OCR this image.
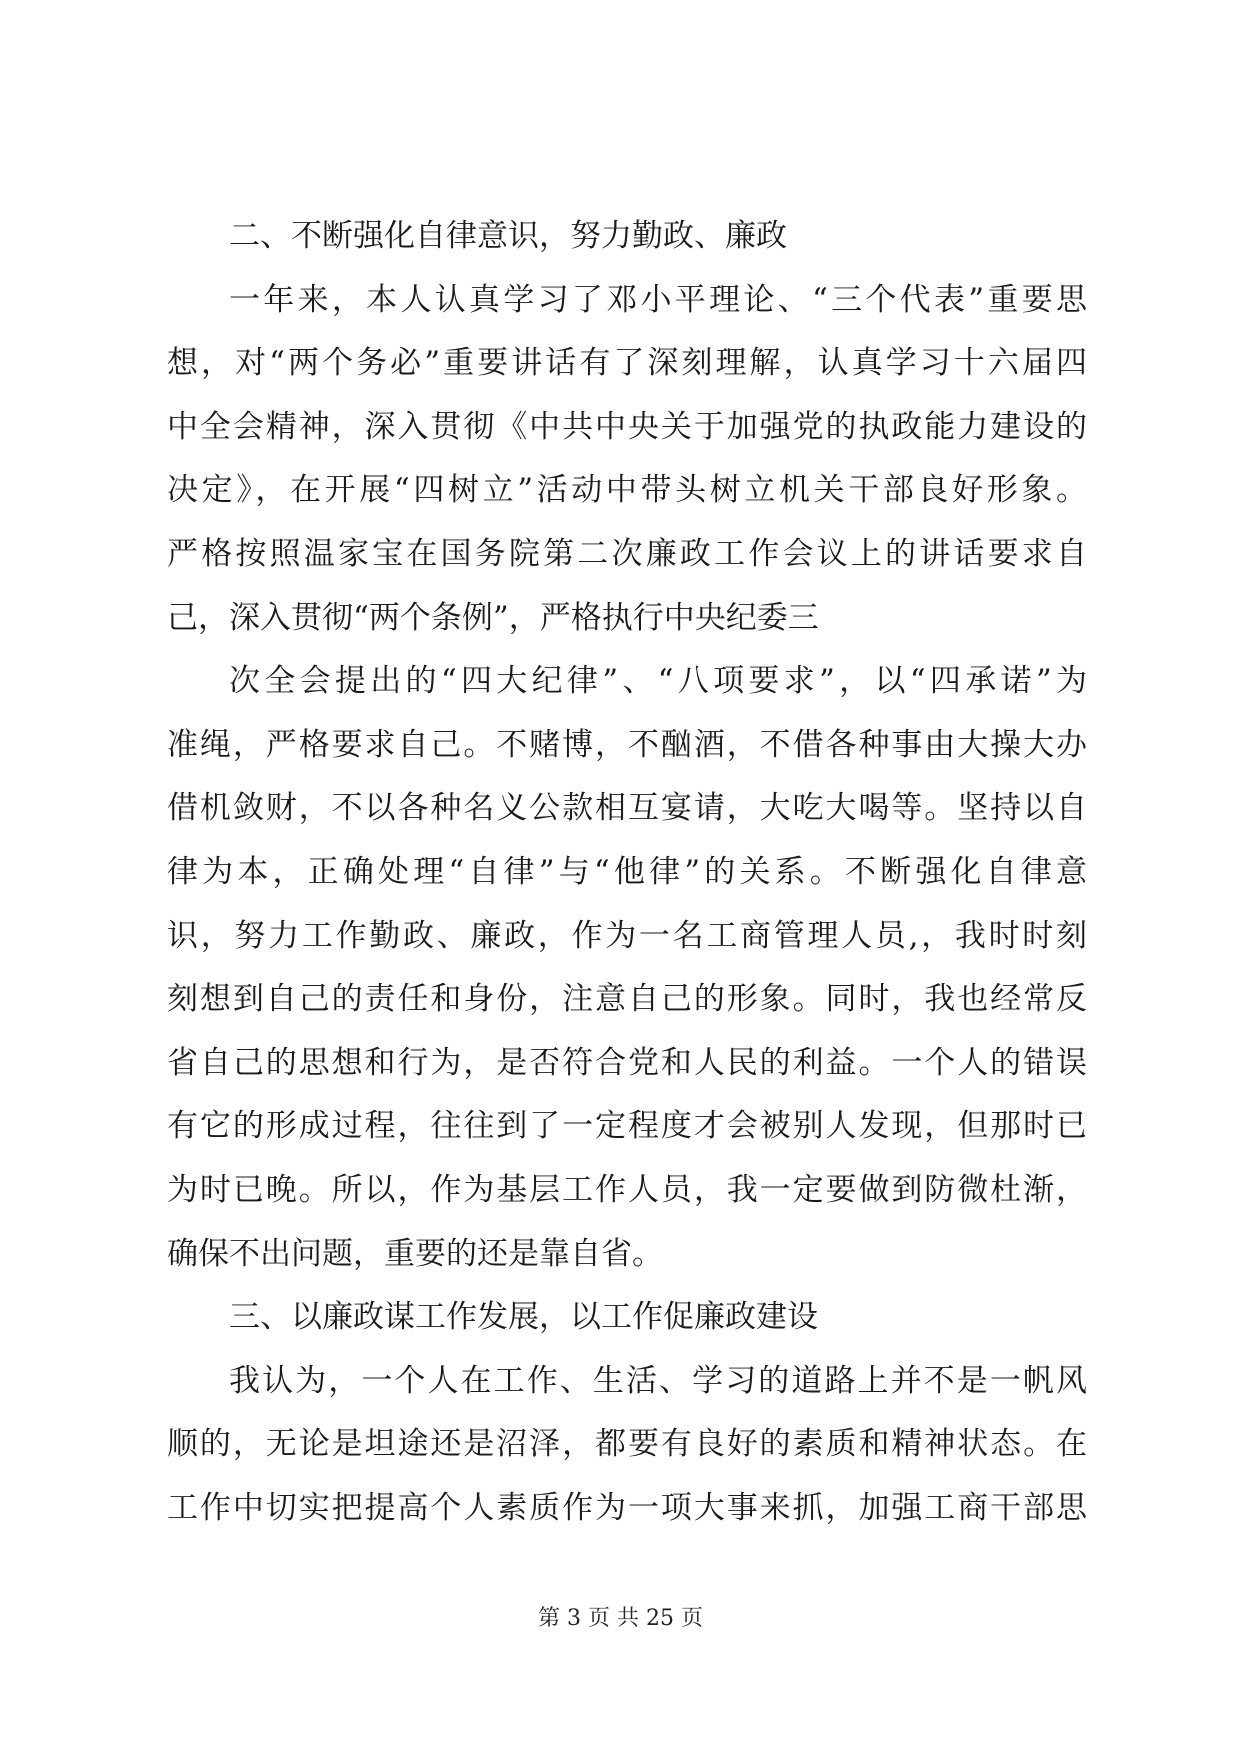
二、不断强化自律意识，努力勤政、廉政
一年来，本人认真学习了邓小平理论、“三个代表”重要思
想，对“两个务必”重要讲话有了深刻理解，认真学习十六届四
中全会精神，深入贯彻《中共中央关于加强党的执政能力建设的
决定》，在开展“四树立”活动中带头树立机关干部良好形象。
严格按照温家宝在国务院第二次廉政工作会议上的讲话要求自
己，深入贯彻“两个条例”，严格执行中央纪委三
次全会提出的“四大纪律”、“八项要求”，以“四承诺”为
准绳，严格要求自己。不赌博，不酗酒，不借各种事由大操大办
借机敛财，不以各种名义公款相互宴请，大吃大喝等。坚持以自
律为本，正确处理“自律”与“他律”的关系。不断强化自律意
识，努力工作勤政、廉政，作为一名工商管理人员,，我时时刻
刻想到自己的责任和身份，注意自己的形象。同时，我也经常反
省自己的思想和行为，是否符合党和人民的利益。一个人的错误
有它的形成过程，往往到了一定程度才会被别人发现，但那时已
为时已晚。所以，作为基层工作人员，我一定要做到防微杜渐，
确保不出问题，重要的还是靠自省。
三、以廉政谋工作发展，以工作促廉政建设
我认为，一个人在工作、生活、学习的道路上并不是一帆风
顺的，无论是坦途还是沼泽，都要有良好的素质和精神状态。在
工作中切实把提高个人素质作为一项大事来抓，加强工商干部思
第 3 页 共 25 页
